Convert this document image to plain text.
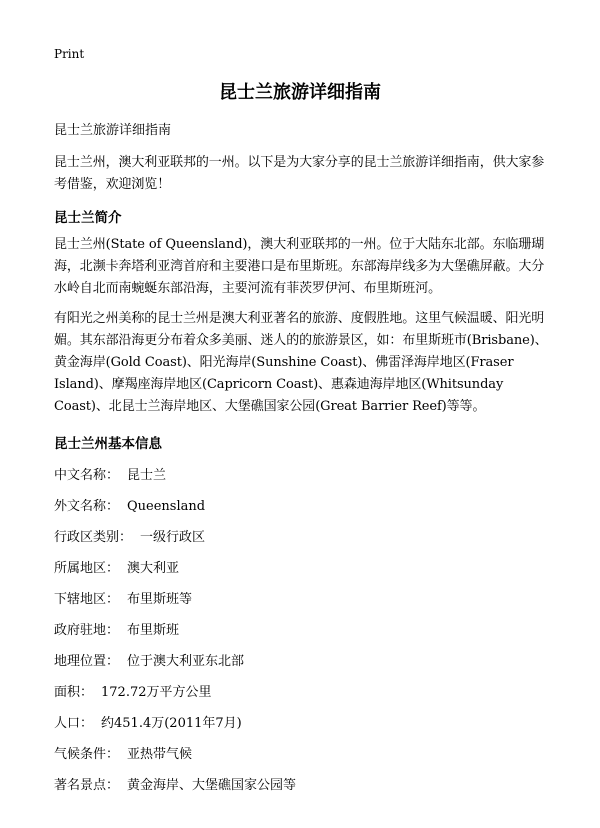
Print
昆士兰旅游详细指南
昆士兰旅游详细指南

昆士兰州，澳大利亚联邦的一州。以下是为大家分享的昆士兰旅游详细指南，供大家参考借鉴，欢迎浏览！

昆士兰简介

昆士兰州(State of Queensland)，澳大利亚联邦的一州。位于大陆东北部。东临珊瑚海，北濒卡奔塔利亚湾首府和主要港口是布里斯班。东部海岸线多为大堡礁屏蔽。大分水岭自北而南蜿蜒东部沿海，主要河流有菲茨罗伊河、布里斯班河。

有阳光之州美称的昆士兰州是澳大利亚著名的旅游、度假胜地。这里气候温暖、阳光明媚。其东部沿海更分布着众多美丽、迷人的的旅游景区，如：布里斯班市(Brisbane)、黄金海岸(Gold Coast)、阳光海岸(Sunshine Coast)、佛雷泽海岸地区(Fraser Island)、摩羯座海岸地区(Capricorn Coast)、惠森迪海岸地区(Whitsunday Coast)、北昆士兰海岸地区、大堡礁国家公园(Great Barrier Reef)等等。

昆士兰州基本信息
中文名称： 昆士兰
外文名称： Queensland
行政区类别： 一级行政区
所属地区： 澳大利亚
下辖地区： 布里斯班等
政府驻地： 布里斯班
地理位置： 位于澳大利亚东北部
面积： 172.72万平方公里
人口： 约451.4万(2011年7月)
气候条件： 亚热带气候
著名景点： 黄金海岸、大堡礁国家公园等
